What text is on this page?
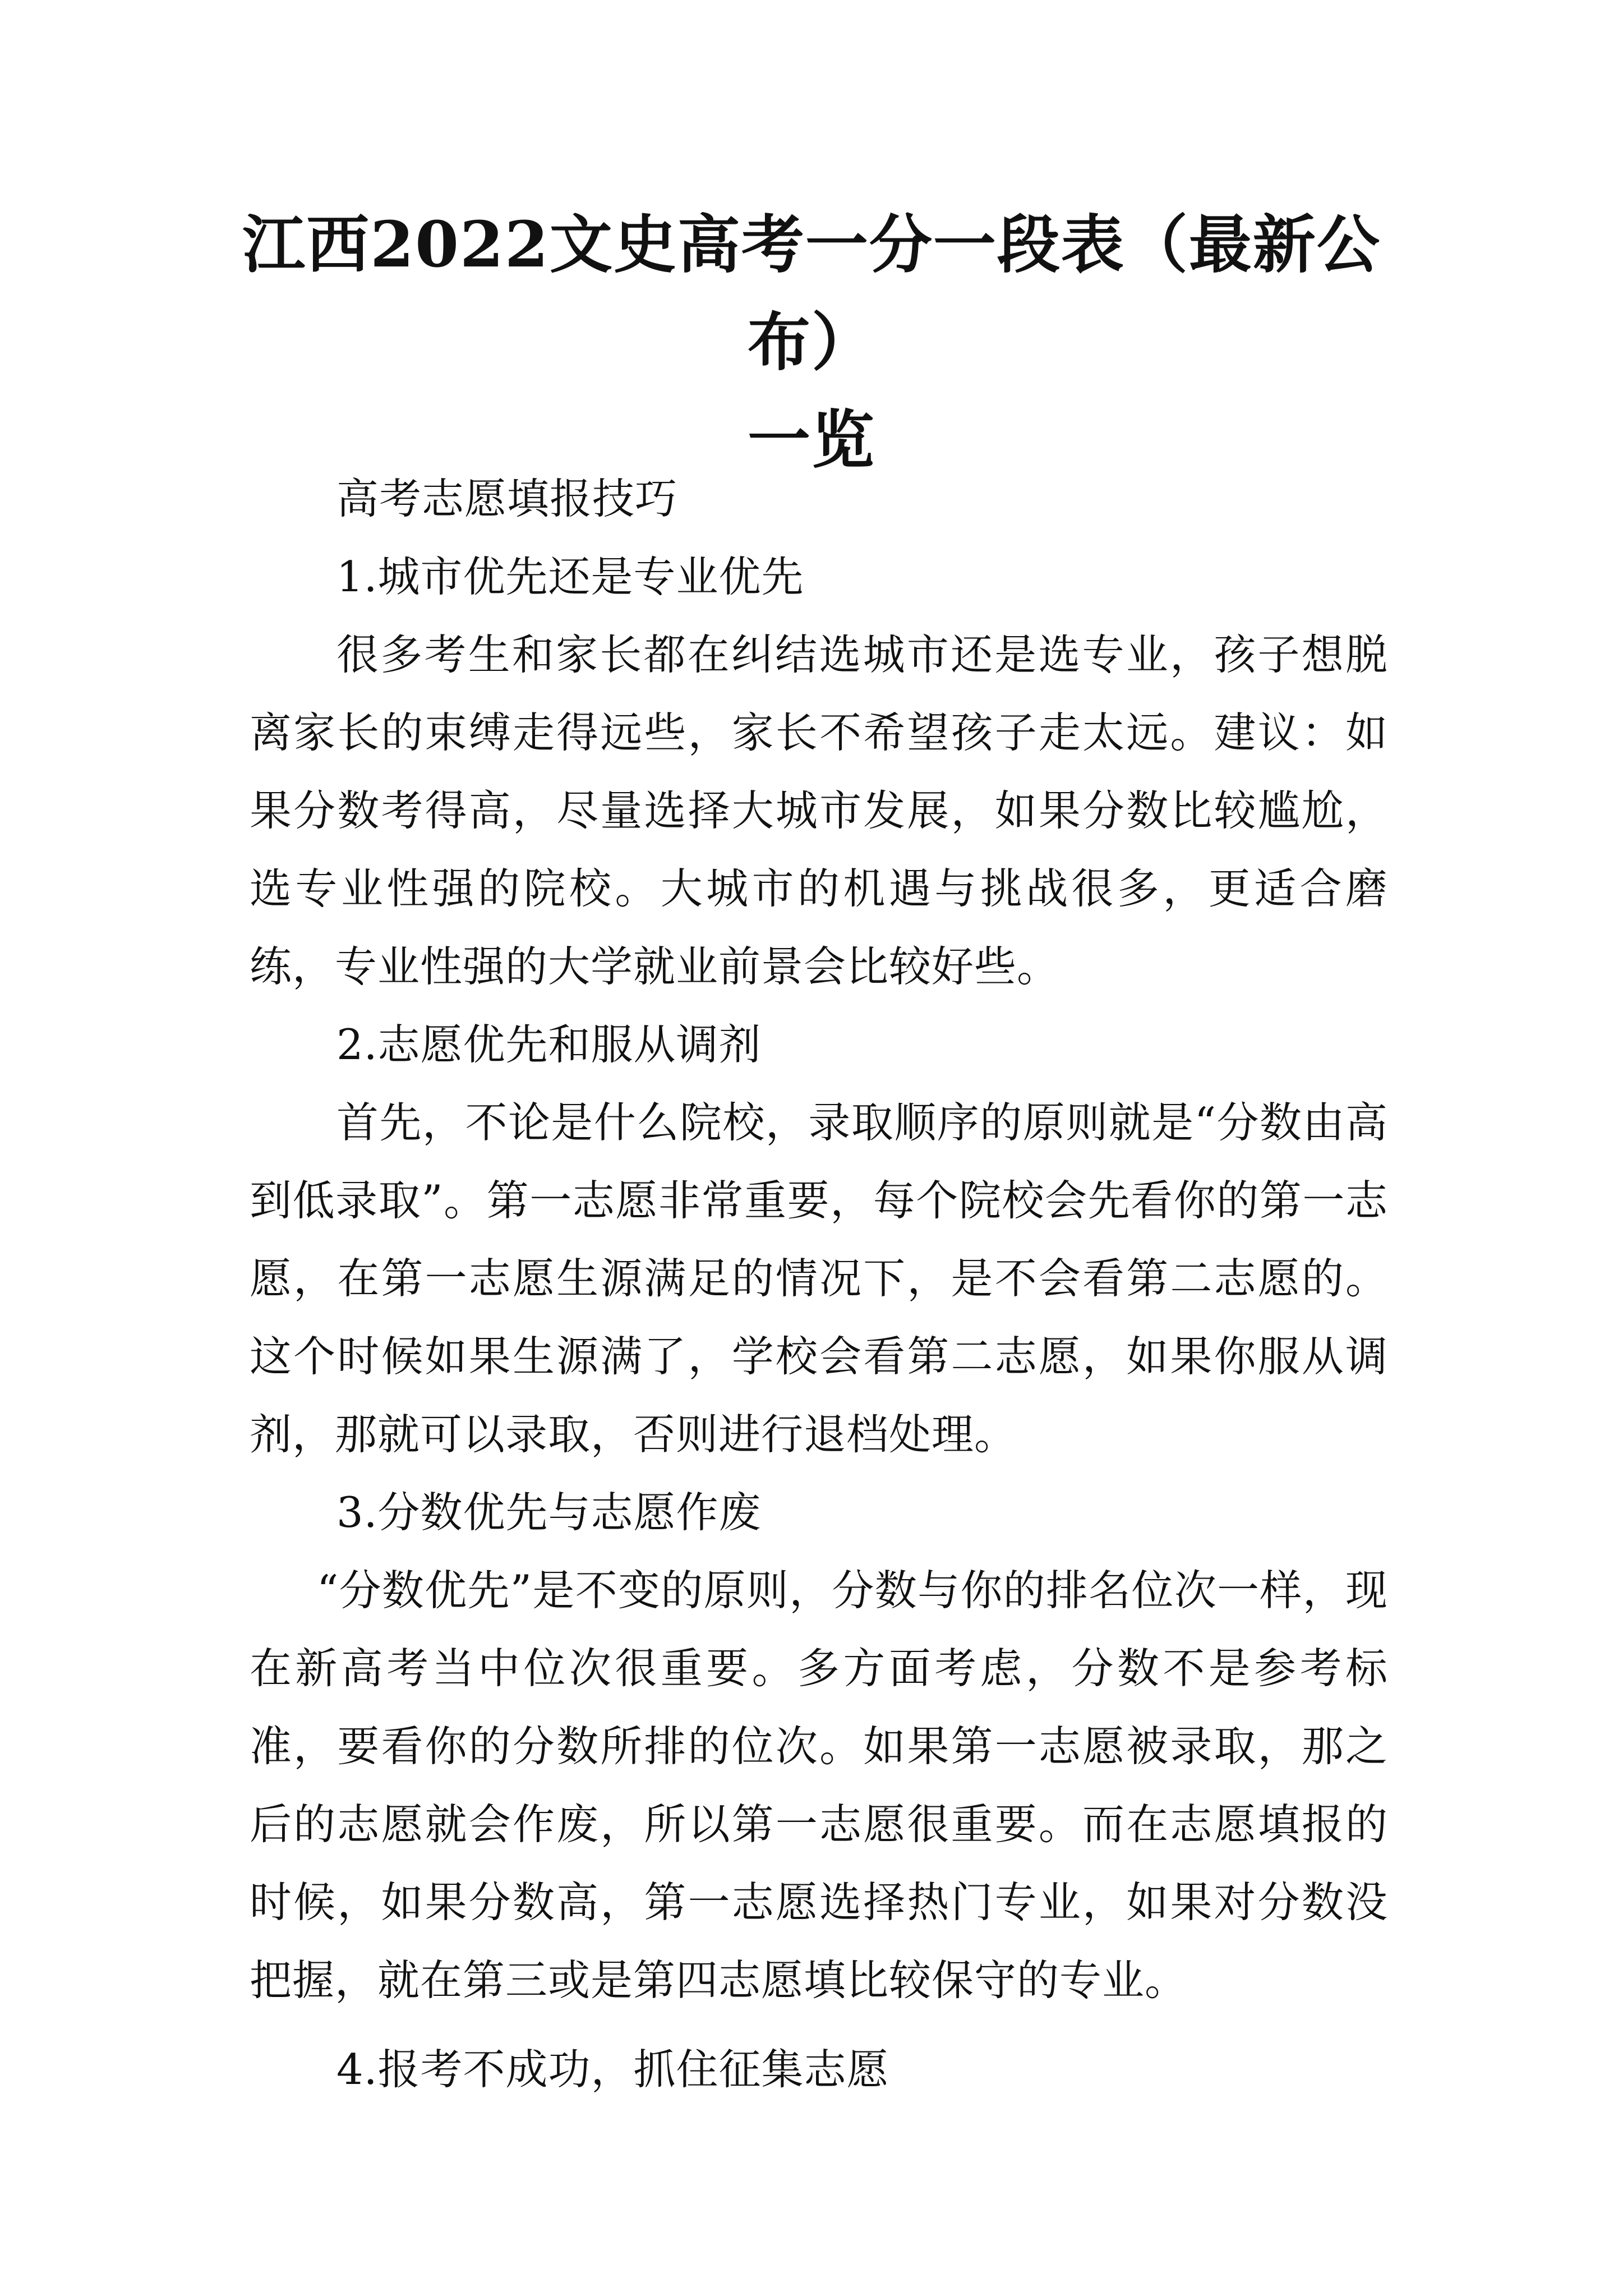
江西2022文史高考一分一段表（最新公布）
一览

高考志愿填报技巧

1.城市优先还是专业优先

很多考生和家长都在纠结选城市还是选专业，孩子想脱离家长的束缚走得远些，家长不希望孩子走太远。建议：如果分数考得高，尽量选择大城市发展，如果分数比较尴尬，选专业性强的院校。大城市的机遇与挑战很多，更适合磨练，专业性强的大学就业前景会比较好些。

2.志愿优先和服从调剂

首先，不论是什么院校，录取顺序的原则就是“分数由高到低录取”。第一志愿非常重要，每个院校会先看你的第一志愿，在第一志愿生源满足的情况下，是不会看第二志愿的。这个时候如果生源满了，学校会看第二志愿，如果你服从调剂，那就可以录取，否则进行退档处理。

3.分数优先与志愿作废

“分数优先”是不变的原则，分数与你的排名位次一样，现在新高考当中位次很重要。多方面考虑，分数不是参考标准，要看你的分数所排的位次。如果第一志愿被录取，那之后的志愿就会作废，所以第一志愿很重要。而在志愿填报的时候，如果分数高，第一志愿选择热门专业，如果对分数没把握，就在第三或是第四志愿填比较保守的专业。

4.报考不成功，抓住征集志愿
